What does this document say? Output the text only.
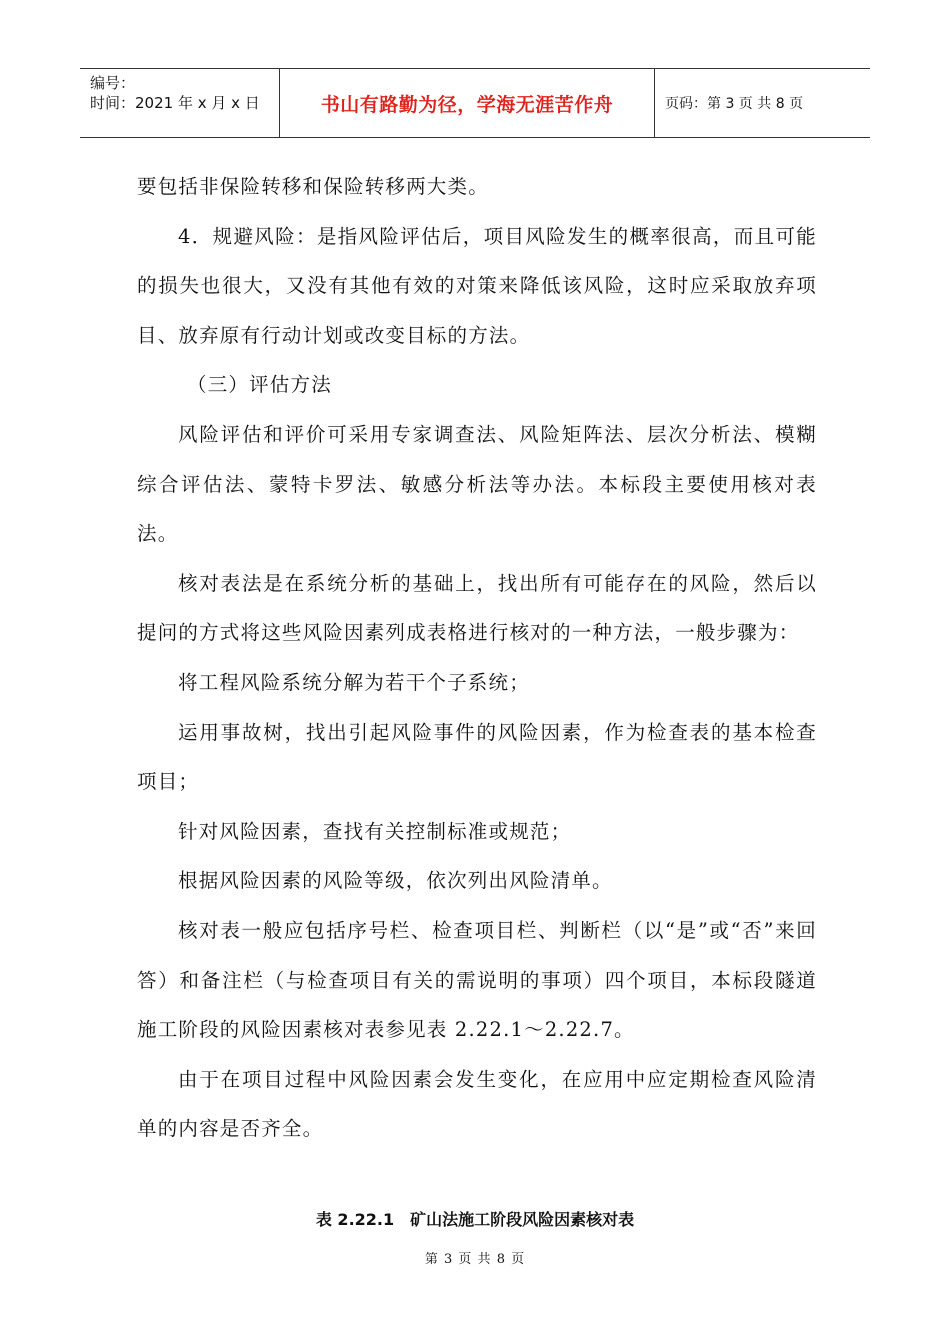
编号：
时间：2021 年 x 月 x 日	书山有路勤为径，学海无涯苦作舟	页码：第 3 页 共 8 页

要包括非保险转移和保险转移两大类。

4．规避风险：是指风险评估后，项目风险发生的概率很高，而且可能的损失也很大，又没有其他有效的对策来降低该风险，这时应采取放弃项目、放弃原有行动计划或改变目标的方法。

（三）评估方法

风险评估和评价可采用专家调查法、风险矩阵法、层次分析法、模糊综合评估法、蒙特卡罗法、敏感分析法等办法。本标段主要使用核对表法。

核对表法是在系统分析的基础上，找出所有可能存在的风险，然后以提问的方式将这些风险因素列成表格进行核对的一种方法，一般步骤为：

将工程风险系统分解为若干个子系统；

运用事故树，找出引起风险事件的风险因素，作为检查表的基本检查项目；

针对风险因素，查找有关控制标准或规范；

根据风险因素的风险等级，依次列出风险清单。

核对表一般应包括序号栏、检查项目栏、判断栏（以“是”或“否”来回答）和备注栏（与检查项目有关的需说明的事项）四个项目，本标段隧道施工阶段的风险因素核对表参见表 2.22.1～2.22.7。

由于在项目过程中风险因素会发生变化，在应用中应定期检查风险清单的内容是否齐全。

表 2.22.1　矿山法施工阶段风险因素核对表
第 3 页 共 8 页
